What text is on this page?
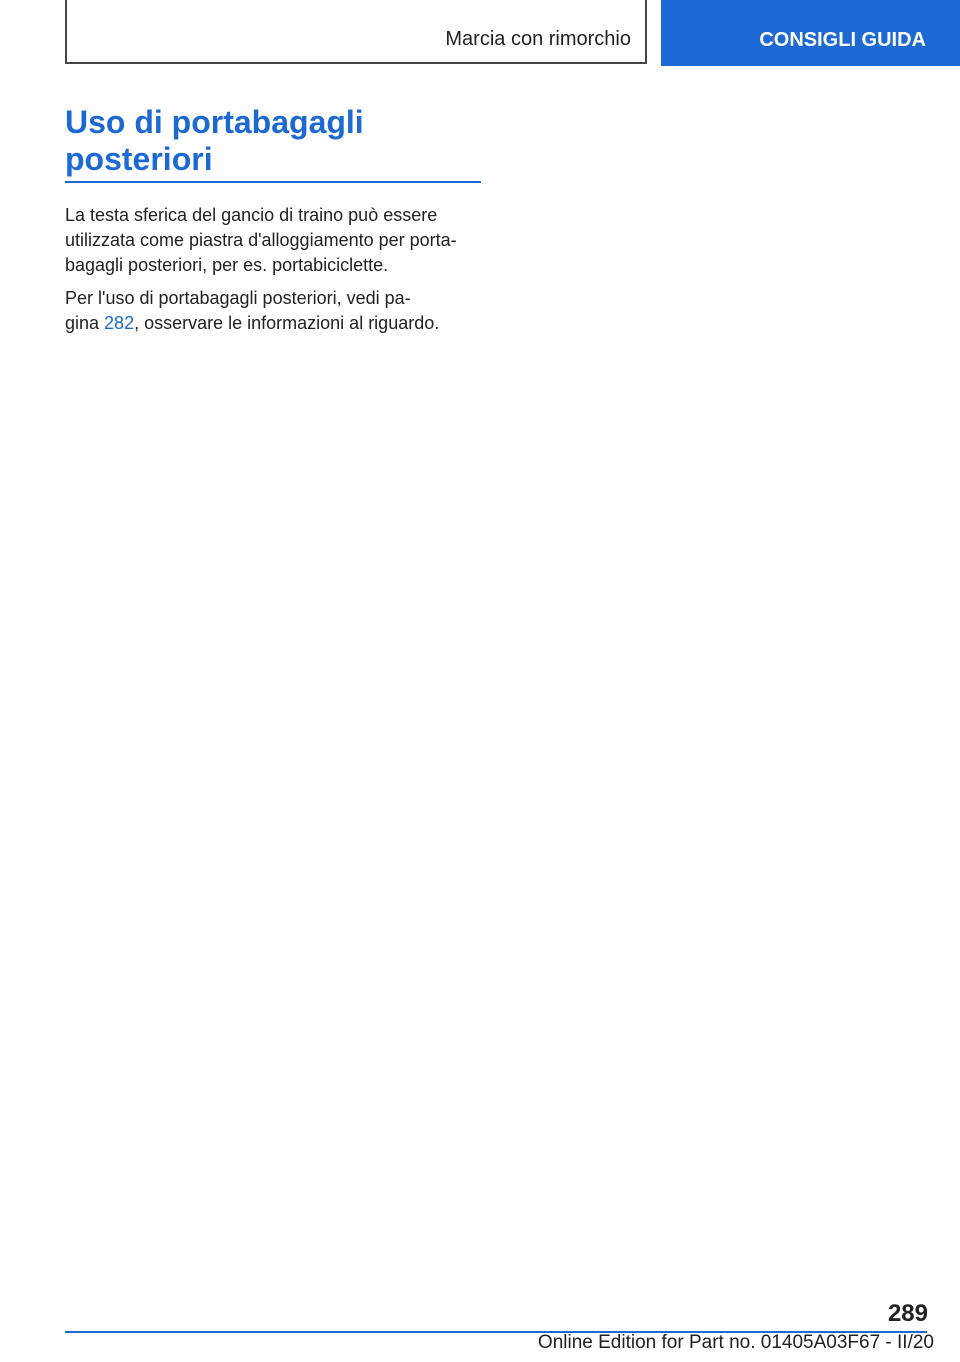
Marcia con rimorchio	CONSIGLI GUIDA
Uso di portabagagli
posteriori

La testa sferica del gancio di traino può essere
utilizzata come piastra d'alloggiamento per porta‐
bagagli posteriori, per es. portabiciclette.

Per l'uso di portabagagli posteriori, vedi pa‐
gina 282, osservare le informazioni al riguardo.

289
Online Edition for Part no. 01405A03F67 - II/20
